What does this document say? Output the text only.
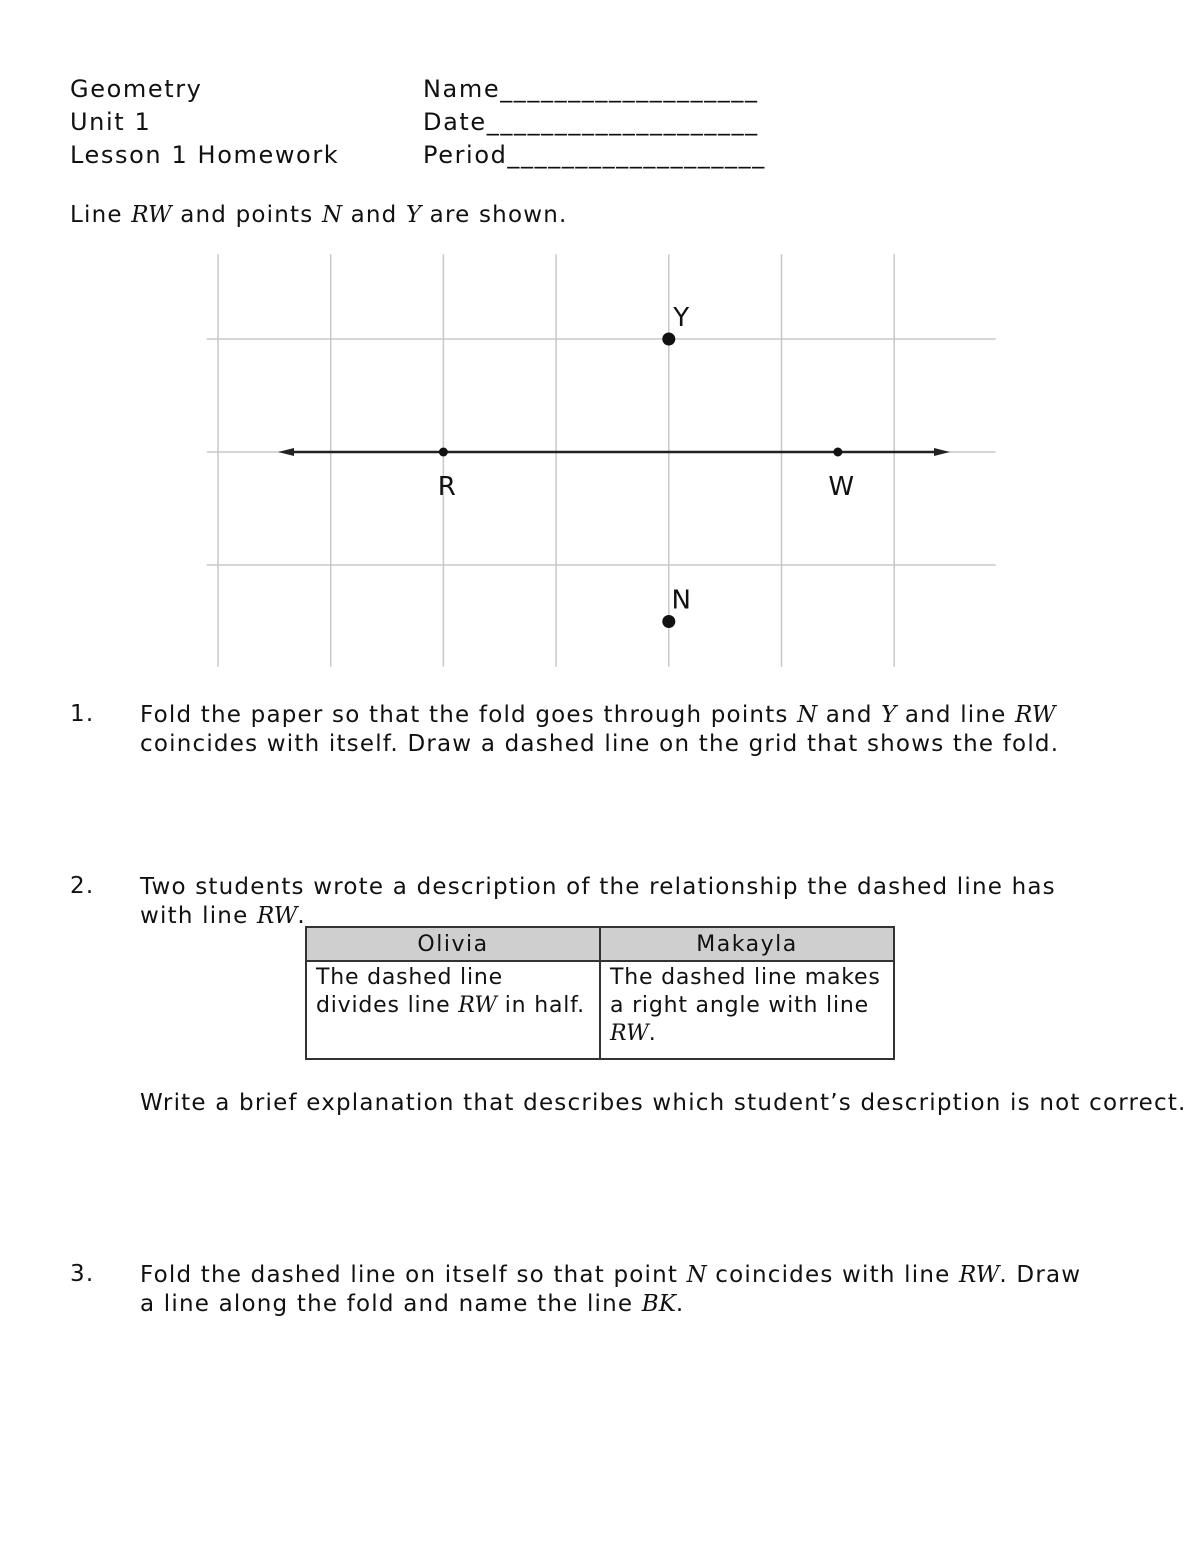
Geometry
Unit 1
Lesson 1 Homework
Name___________________
Date____________________
Period___________________
Line RW and points N and Y are shown.
R	W
Y
N
1. Fold the paper so that the fold goes through points N and Y and line RW coincides with itself. Draw a dashed line on the grid that shows the fold.
2. Two students wrote a description of the relationship the dashed line has with line RW.
Olivia	Makayla
The dashed line divides line RW in half.	The dashed line makes a right angle with line RW.
Write a brief explanation that describes which student’s description is not correct.
3. Fold the dashed line on itself so that point N coincides with line RW. Draw a line along the fold and name the line BK.
